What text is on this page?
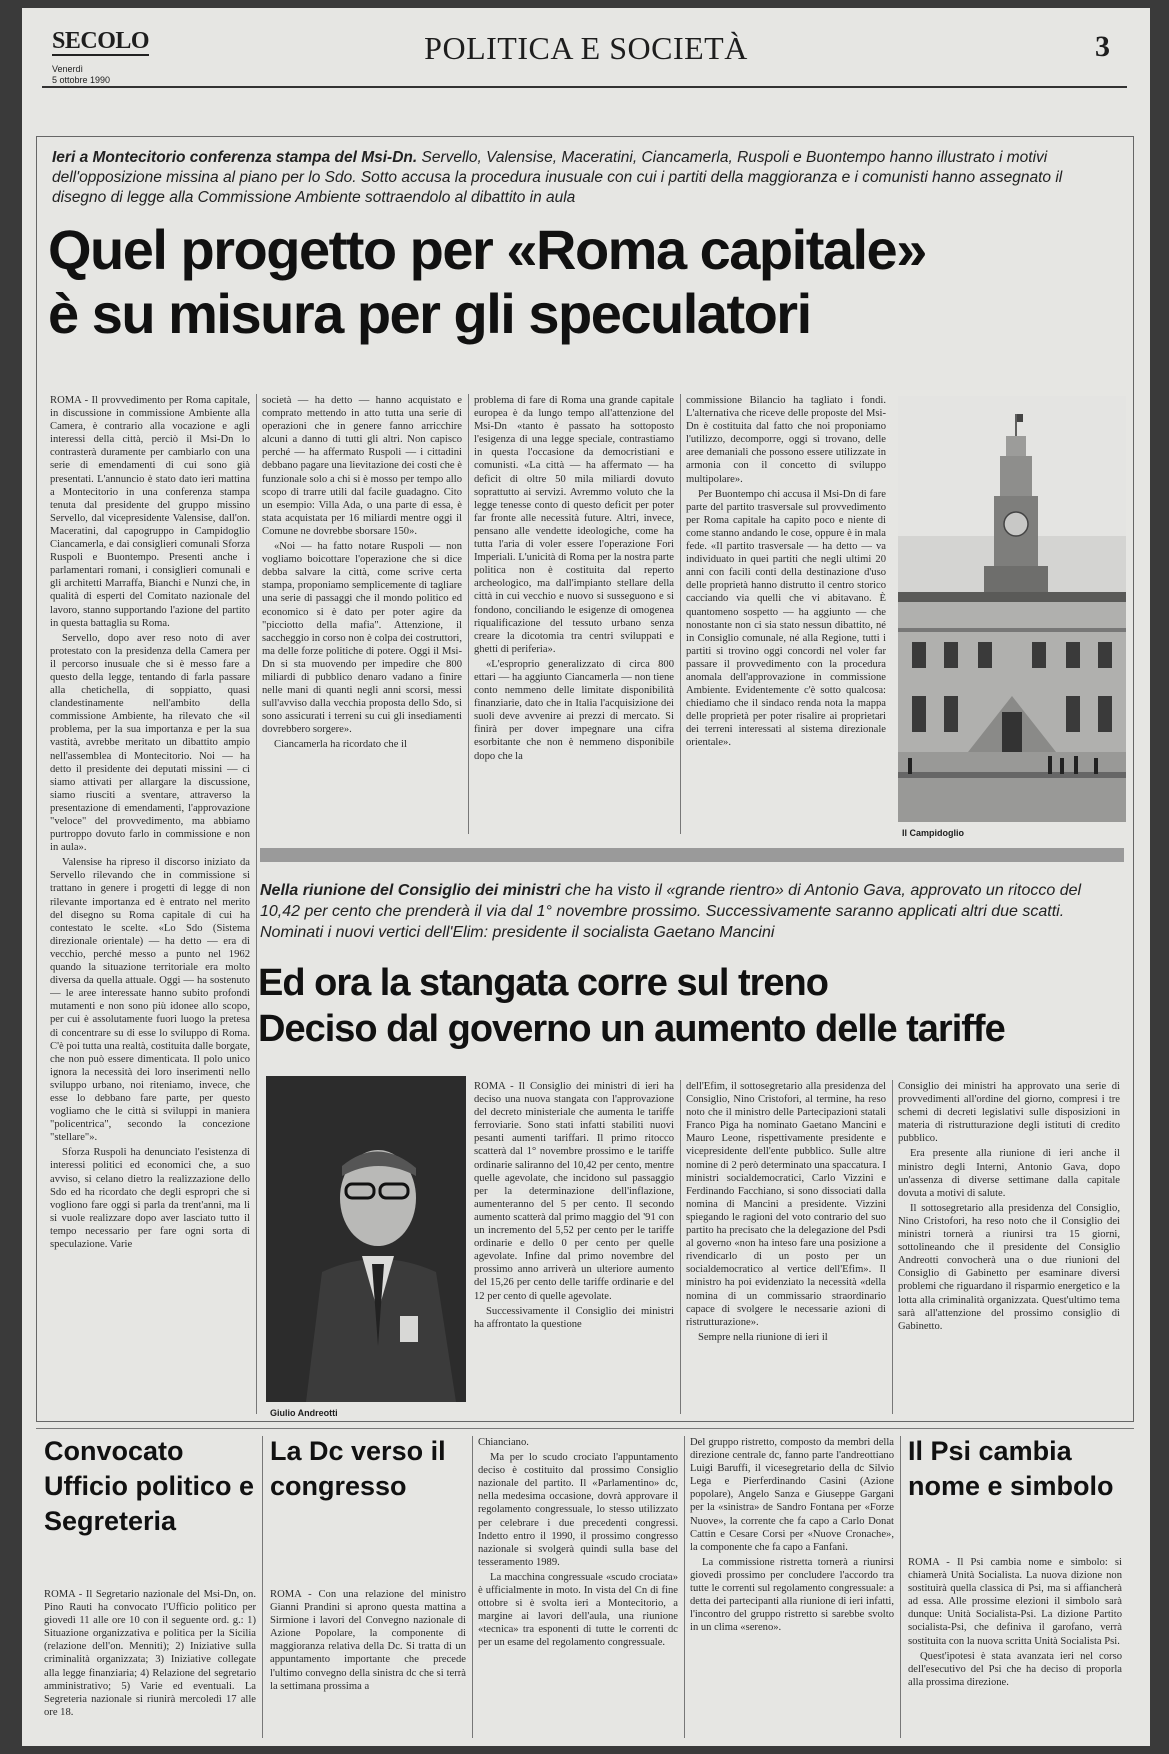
SECOLO
Venerdì
5 ottobre 1990
POLITICA E SOCIETÀ	3
Ieri a Montecitorio conferenza stampa del Msi-Dn. Servello, Valensise, Maceratini, Ciancamerla, Ruspoli e Buontempo hanno illustrato i motivi dell'opposizione missina al piano per lo Sdo. Sotto accusa la procedura inusuale con cui i partiti della maggioranza e i comunisti hanno assegnato il disegno di legge alla Commissione Ambiente sottraendolo al dibattito in aula
Quel progetto per «Roma capitale»
è su misura per gli speculatori

ROMA - Il provvedimento per Roma capitale, in discussione in commissione Ambiente alla Camera, è contrario alla vocazione e agli interessi della città, perciò il Msi-Dn lo contrasterà duramente per cambiarlo con una serie di emendamenti di cui sono già presentati. L'annuncio è stato dato ieri mattina a Montecitorio in una conferenza stampa tenuta dal presidente del gruppo missino Servello, dal vicepresidente Valensise, dall'on. Maceratini, dal capogruppo in Campidoglio Ciancamerla, e dai consiglieri comunali Sforza Ruspoli e Buontempo. Presenti anche i parlamentari romani, i consiglieri comunali e gli architetti Marraffa, Bianchi e Nunzi che, in qualità di esperti del Comitato nazionale del lavoro, stanno supportando l'azione del partito in questa battaglia su Roma.

Servello, dopo aver reso noto di aver protestato con la presidenza della Camera per il percorso inusuale che si è messo fare a questo della legge, tentando di farla passare alla chetichella, di soppiatto, quasi clandestinamente nell'ambito della commissione Ambiente, ha rilevato che «il problema, per la sua importanza e per la sua vastità, avrebbe meritato un dibattito ampio nell'assemblea di Montecitorio. Noi — ha detto il presidente dei deputati missini — ci siamo attivati per allargare la discussione, siamo riusciti a sventare, attraverso la presentazione di emendamenti, l'approvazione "veloce" del provvedimento, ma abbiamo purtroppo dovuto farlo in commissione e non in aula».

Valensise ha ripreso il discorso iniziato da Servello rilevando che in commissione si trattano in genere i progetti di legge di non rilevante importanza ed è entrato nel merito del disegno su Roma capitale di cui ha contestato le scelte. «Lo Sdo (Sistema direzionale orientale) — ha detto — era di vecchio, perché messo a punto nel 1962 quando la situazione territoriale era molto diversa da quella attuale. Oggi — ha sostenuto — le aree interessate hanno subito profondi mutamenti e non sono più idonee allo scopo, per cui è assolutamente fuori luogo la pretesa di concentrare su di esse lo sviluppo di Roma. C'è poi tutta una realtà, costituita dalle borgate, che non può essere dimenticata. Il polo unico ignora la necessità dei loro inserimenti nello sviluppo urbano, noi riteniamo, invece, che esse lo debbano fare parte, per questo vogliamo che le città si sviluppi in maniera "policentrica", secondo la concezione "stellare"».

Sforza Ruspoli ha denunciato l'esistenza di interessi politici ed economici che, a suo avviso, si celano dietro la realizzazione dello Sdo ed ha ricordato che degli espropri che si vogliono fare oggi si parla da trent'anni, ma li si vuole realizzare dopo aver lasciato tutto il tempo necessario per fare ogni sorta di speculazione. Varie

società — ha detto — hanno acquistato e comprato mettendo in atto tutta una serie di operazioni che in genere fanno arricchire alcuni a danno di tutti gli altri. Non capisco perché — ha affermato Ruspoli — i cittadini debbano pagare una lievitazione dei costi che è funzionale solo a chi si è mosso per tempo allo scopo di trarre utili dal facile guadagno. Cito un esempio: Villa Ada, o una parte di essa, è stata acquistata per 16 miliardi mentre oggi il Comune ne dovrebbe sborsare 150».

«Noi — ha fatto notare Ruspoli — non vogliamo boicottare l'operazione che si dice debba salvare la città, come scrive certa stampa, proponiamo semplicemente di tagliare una serie di passaggi che il mondo politico ed economico si è dato per poter agire da "picciotto della mafia". Attenzione, il saccheggio in corso non è colpa dei costruttori, ma delle forze politiche di potere. Oggi il Msi-Dn si sta muovendo per impedire che 800 miliardi di pubblico denaro vadano a finire nelle mani di quanti negli anni scorsi, messi sull'avviso dalla vecchia proposta dello Sdo, si sono assicurati i terreni su cui gli insediamenti dovrebbero sorgere».

Ciancamerla ha ricordato che il

problema di fare di Roma una grande capitale europea è da lungo tempo all'attenzione del Msi-Dn «tanto è passato ha sottoposto l'esigenza di una legge speciale, contrastiamo in questa l'occasione da democristiani e comunisti. «La città — ha affermato — ha deficit di oltre 50 mila miliardi dovuto soprattutto ai servizi. Avremmo voluto che la legge tenesse conto di questo deficit per poter far fronte alle necessità future. Altri, invece, pensano alle vendette ideologiche, come ha tutta l'aria di voler essere l'operazione Fori Imperiali. L'unicità di Roma per la nostra parte politica non è costituita dal reperto archeologico, ma dall'impianto stellare della città in cui vecchio e nuovo si susseguono e si fondono, conciliando le esigenze di omogenea riqualificazione del tessuto urbano senza creare la dicotomia tra centri sviluppati e ghetti di periferia».

«L'esproprio generalizzato di circa 800 ettari — ha aggiunto Ciancamerla — non tiene conto nemmeno delle limitate disponibilità finanziarie, dato che in Italia l'acquisizione dei suoli deve avvenire ai prezzi di mercato. Si finirà per dover impegnare una cifra esorbitante che non è nemmeno disponibile dopo che la

commissione Bilancio ha tagliato i fondi. L'alternativa che riceve delle proposte del Msi-Dn è costituita dal fatto che noi proponiamo l'utilizzo, decomporre, oggi sì trovano, delle aree demaniali che possono essere utilizzate in armonia con il concetto di sviluppo multipolare».

Per Buontempo chi accusa il Msi-Dn di fare parte del partito trasversale sul provvedimento per Roma capitale ha capito poco e niente di come stanno andando le cose, oppure è in mala fede. «Il partito trasversale — ha detto — va individuato in quei partiti che negli ultimi 20 anni con facili conti della destinazione d'uso delle proprietà hanno distrutto il centro storico cacciando via quelli che vi abitavano. È quantomeno sospetto — ha aggiunto — che nonostante non ci sia stato nessun dibattito, né in Consiglio comunale, né alla Regione, tutti i partiti si trovino oggi concordi nel voler far passare il provvedimento con la procedura anomala dell'approvazione in commissione Ambiente. Evidentemente c'è sotto qualcosa: chiediamo che il sindaco renda nota la mappa delle proprietà per poter risalire ai proprietari dei terreni interessati al sistema direzionale orientale».

Il Campidoglio
Nella riunione del Consiglio dei ministri che ha visto il «grande rientro» di Antonio Gava, approvato un ritocco del 10,42 per cento che prenderà il via dal 1° novembre prossimo. Successivamente saranno applicati altri due scatti. Nominati i nuovi vertici dell'Elim: presidente il socialista Gaetano Mancini
Ed ora la stangata corre sul treno
Deciso dal governo un aumento delle tariffe
Giulio Andreotti

ROMA - Il Consiglio dei ministri di ieri ha deciso una nuova stangata con l'approvazione del decreto ministeriale che aumenta le tariffe ferroviarie. Sono stati infatti stabiliti nuovi pesanti aumenti tariffari. Il primo ritocco scatterà dal 1° novembre prossimo e le tariffe ordinarie saliranno del 10,42 per cento, mentre quelle agevolate, che incidono sul passaggio per la determinazione dell'inflazione, aumenteranno del 5 per cento. Il secondo aumento scatterà dal primo maggio del '91 con un incremento del 5,52 per cento per le tariffe ordinarie e dello 0 per cento per quelle agevolate. Infine dal primo novembre del prossimo anno arriverà un ulteriore aumento del 15,26 per cento delle tariffe ordinarie e del 12 per cento di quelle agevolate.

Successivamente il Consiglio dei ministri ha affrontato la questione

dell'Efim, il sottosegretario alla presidenza del Consiglio, Nino Cristofori, al termine, ha reso noto che il ministro delle Partecipazioni statali Franco Piga ha nominato Gaetano Mancini e Mauro Leone, rispettivamente presidente e vicepresidente dell'ente pubblico. Sulle altre nomine di 2 però determinato una spaccatura. I ministri socialdemocratici, Carlo Vizzini e Ferdinando Facchiano, si sono dissociati dalla nomina di Mancini a presidente. Vizzini spiegando le ragioni del voto contrario del suo partito ha precisato che la delegazione del Psdi al governo «non ha inteso fare una posizione a rivendicarlo di un posto per un socialdemocratico al vertice dell'Efim». Il ministro ha poi evidenziato la necessità «della nomina di un commissario straordinario capace di svolgere le necessarie azioni di ristrutturazione».

Sempre nella riunione di ieri il

Consiglio dei ministri ha approvato una serie di provvedimenti all'ordine del giorno, compresi i tre schemi di decreti legislativi sulle disposizioni in materia di ristrutturazione degli istituti di credito pubblico.

Era presente alla riunione di ieri anche il ministro degli Interni, Antonio Gava, dopo un'assenza di diverse settimane dalla capitale dovuta a motivi di salute.

Il sottosegretario alla presidenza del Consiglio, Nino Cristofori, ha reso noto che il Consiglio dei ministri tornerà a riunirsi tra 15 giorni, sottolineando che il presidente del Consiglio Andreotti convocherà una o due riunioni del Consiglio di Gabinetto per esaminare diversi problemi che riguardano il risparmio energetico e la lotta alla criminalità organizzata. Quest'ultimo tema sarà all'attenzione del prossimo consiglio di Gabinetto.

Convocato Ufficio politico e Segreteria

ROMA - Il Segretario nazionale del Msi-Dn, on. Pino Rauti ha convocato l'Ufficio politico per giovedì 11 alle ore 10 con il seguente ord. g.: 1) Situazione organizzativa e politica per la Sicilia (relazione dell'on. Menniti); 2) Iniziative sulla criminalità organizzata; 3) Iniziative collegate alla legge finanziaria; 4) Relazione del segretario amministrativo; 5) Varie ed eventuali. La Segreteria nazionale si riunirà mercoledì 17 alle ore 18.

La Dc verso il congresso

ROMA - Con una relazione del ministro Gianni Prandini si aprono questa mattina a Sirmione i lavori del Convegno nazionale di Azione Popolare, la componente di maggioranza relativa della Dc. Si tratta di un appuntamento importante che precede l'ultimo convegno della sinistra dc che si terrà la settimana prossima a

Chianciano.

Ma per lo scudo crociato l'appuntamento deciso è costituito dal prossimo Consiglio nazionale del partito. Il «Parlamentino» dc, nella medesima occasione, dovrà approvare il regolamento congressuale, lo stesso utilizzato per celebrare i due precedenti congressi. Indetto entro il 1990, il prossimo congresso nazionale si svolgerà quindi sulla base del tesseramento 1989.

La macchina congressuale «scudo crociata» è ufficialmente in moto. In vista del Cn di fine ottobre si è svolta ieri a Montecitorio, a margine ai lavori dell'aula, una riunione «tecnica» tra esponenti di tutte le correnti dc per un esame del regolamento congressuale.

Del gruppo ristretto, composto da membri della direzione centrale dc, fanno parte l'andreottiano Luigi Baruffi, il vicesegretario della dc Silvio Lega e Pierferdinando Casini (Azione popolare), Angelo Sanza e Giuseppe Gargani per la «sinistra» de Sandro Fontana per «Forze Nuove», la corrente che fa capo a Carlo Donat Cattin e Cesare Corsi per «Nuove Cronache», la componente che fa capo a Fanfani.

La commissione ristretta tornerà a riunirsi giovedì prossimo per concludere l'accordo tra tutte le correnti sul regolamento congressuale: a detta dei partecipanti alla riunione di ieri infatti, l'incontro del gruppo ristretto si sarebbe svolto in un clima «sereno».

Il Psi cambia nome e simbolo

ROMA - Il Psi cambia nome e simbolo: si chiamerà Unità Socialista. La nuova dizione non sostituirà quella classica di Psi, ma si affiancherà ad essa. Alle prossime elezioni il simbolo sarà dunque: Unità Socialista-Psi. La dizione Partito socialista-Psi, che definiva il garofano, verrà sostituita con la nuova scritta Unità Socialista Psi.

Quest'ipotesi è stata avanzata ieri nel corso dell'esecutivo del Psi che ha deciso di proporla alla prossima direzione.
